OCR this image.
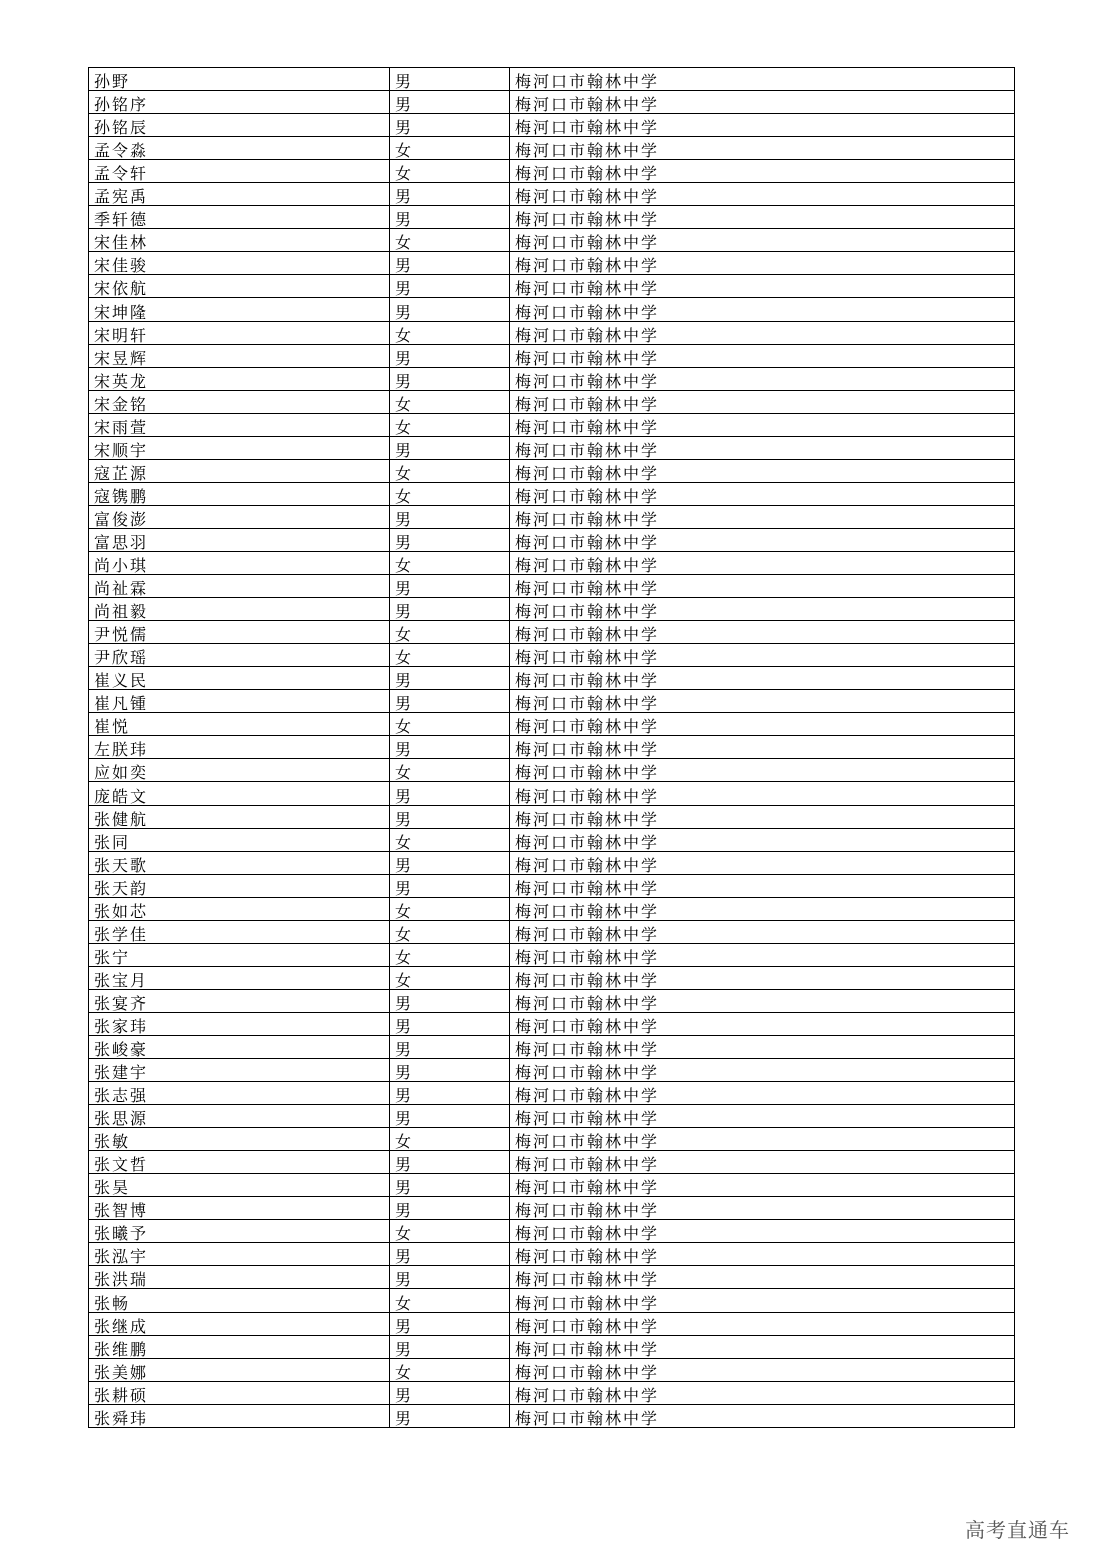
孙野	男	梅河口市翰林中学
孙铭序	男	梅河口市翰林中学
孙铭辰	男	梅河口市翰林中学
孟令淼	女	梅河口市翰林中学
孟令轩	女	梅河口市翰林中学
孟宪禹	男	梅河口市翰林中学
季轩德	男	梅河口市翰林中学
宋佳林	女	梅河口市翰林中学
宋佳骏	男	梅河口市翰林中学
宋依航	男	梅河口市翰林中学
宋坤隆	男	梅河口市翰林中学
宋明轩	女	梅河口市翰林中学
宋昱辉	男	梅河口市翰林中学
宋英龙	男	梅河口市翰林中学
宋金铭	女	梅河口市翰林中学
宋雨萱	女	梅河口市翰林中学
宋顺宇	男	梅河口市翰林中学
寇芷源	女	梅河口市翰林中学
寇镌鹏	女	梅河口市翰林中学
富俊澎	男	梅河口市翰林中学
富思羽	男	梅河口市翰林中学
尚小琪	女	梅河口市翰林中学
尚祉霖	男	梅河口市翰林中学
尚祖毅	男	梅河口市翰林中学
尹悦儒	女	梅河口市翰林中学
尹欣瑶	女	梅河口市翰林中学
崔义民	男	梅河口市翰林中学
崔凡锺	男	梅河口市翰林中学
崔悦	女	梅河口市翰林中学
左朕玮	男	梅河口市翰林中学
应如奕	女	梅河口市翰林中学
庞皓文	男	梅河口市翰林中学
张健航	男	梅河口市翰林中学
张同	女	梅河口市翰林中学
张天歌	男	梅河口市翰林中学
张天韵	男	梅河口市翰林中学
张如芯	女	梅河口市翰林中学
张学佳	女	梅河口市翰林中学
张宁	女	梅河口市翰林中学
张宝月	女	梅河口市翰林中学
张宴齐	男	梅河口市翰林中学
张家玮	男	梅河口市翰林中学
张峻豪	男	梅河口市翰林中学
张建宇	男	梅河口市翰林中学
张志强	男	梅河口市翰林中学
张思源	男	梅河口市翰林中学
张敏	女	梅河口市翰林中学
张文哲	男	梅河口市翰林中学
张昊	男	梅河口市翰林中学
张智博	男	梅河口市翰林中学
张曦予	女	梅河口市翰林中学
张泓宇	男	梅河口市翰林中学
张洪瑞	男	梅河口市翰林中学
张畅	女	梅河口市翰林中学
张继成	男	梅河口市翰林中学
张维鹏	男	梅河口市翰林中学
张美娜	女	梅河口市翰林中学
张耕硕	男	梅河口市翰林中学
张舜玮	男	梅河口市翰林中学
高考直通车
